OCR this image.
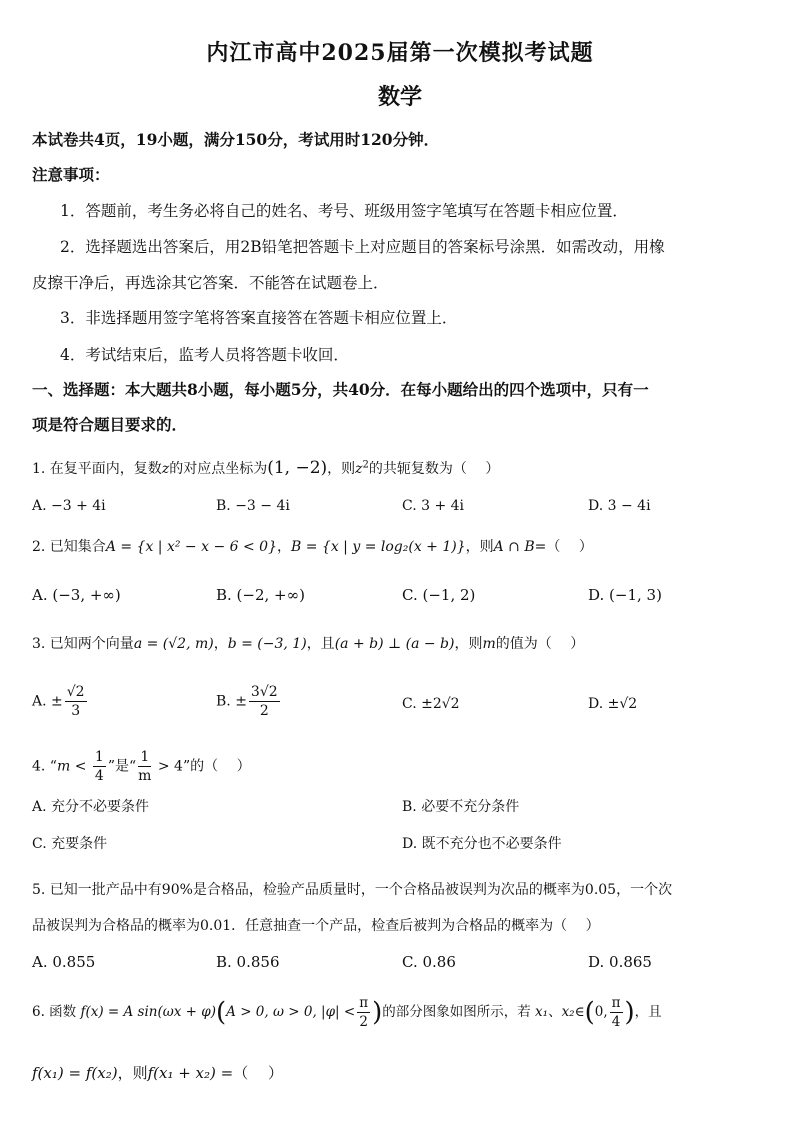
内江市高中2025届第一次模拟考试题
数学
本试卷共4页，19小题，满分150分，考试用时120分钟．
注意事项：
1．答题前，考生务必将自己的姓名、考号、班级用签字笔填写在答题卡相应位置．
2．选择题选出答案后，用2B铅笔把答题卡上对应题目的答案标号涂黑．如需改动，用橡
皮擦干净后，再选涂其它答案．不能答在试题卷上．
3．非选择题用签字笔将答案直接答在答题卡相应位置上．
4．考试结束后，监考人员将答题卡收回．
一、选择题：本大题共8小题，每小题5分，共40分．在每小题给出的四个选项中，只有一
项是符合题目要求的．
1. 在复平面内，复数z的对应点坐标为(1, −2)，则$z^2$的共轭复数为（　 ）
A. −3 + 4i	B. −3 − 4i	C. 3 + 4i	D. 3 − 4i
2. 已知集合A = {x | x² − x − 6 < 0}，B = {x | y = log₂(x + 1)}，则A ∩ B=（　 ）
A. (−3, +∞)	B. (−2, +∞)	C. (−1, 2)	D. (−1, 3)
3. 已知两个向量a = (√2, m)，b = (−3, 1)，且(a + b) ⊥ (a − b)，则m的值为（　 ）
A. ± $\frac{√2}{3}$	B. ± $\frac{3√2}{2}$	C. ±2√2	D. ±√2
4. “$m < \frac{1}{4}$ ”是“ $\frac{1}{m} > 4$”的（　 ）
A. 充分不必要条件	B. 必要不充分条件
C. 充要条件	D. 既不充分也不必要条件
5. 已知一批产品中有90%是合格品，检验产品质量时，一个合格品被误判为次品的概率为0.05，一个次
品被误判为合格品的概率为0.01．任意抽查一个产品，检查后被判为合格品的概率为（　 ）
A. 0.855	B. 0.856	C. 0.86	D. 0.865
6. 函数 f(x) = A sin(ωx + φ)(A > 0, ω > 0, $|\varphi| < \frac{\pi}{2}$ )的部分图象如图所示，若 x₁、x₂∈(0, $\frac{\pi}{4}$ )，且
f(x₁) = f(x₂)，则f(x₁ + x₂) =（　 ）
